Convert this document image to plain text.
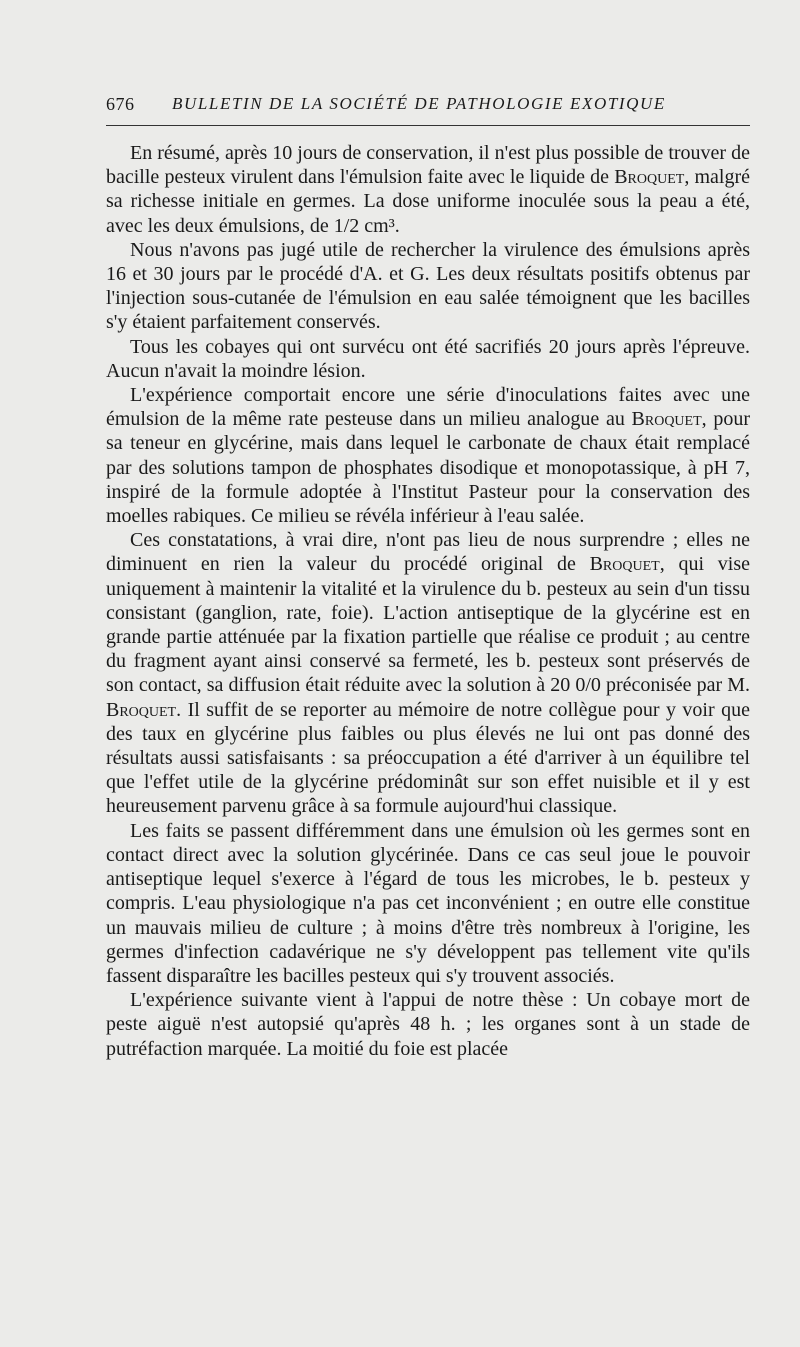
676 BULLETIN DE LA SOCIÉTÉ DE PATHOLOGIE EXOTIQUE

En résumé, après 10 jours de conservation, il n'est plus possible de trouver de bacille pesteux virulent dans l'émulsion faite avec le liquide de Broquet, malgré sa richesse initiale en germes. La dose uniforme inoculée sous la peau a été, avec les deux émulsions, de 1/2 cm³.

Nous n'avons pas jugé utile de rechercher la virulence des émulsions après 16 et 30 jours par le procédé d'A. et G. Les deux résultats positifs obtenus par l'injection sous-cutanée de l'émulsion en eau salée témoignent que les bacilles s'y étaient parfaitement conservés.

Tous les cobayes qui ont survécu ont été sacrifiés 20 jours après l'épreuve. Aucun n'avait la moindre lésion.

L'expérience comportait encore une série d'inoculations faites avec une émulsion de la même rate pesteuse dans un milieu analogue au Broquet, pour sa teneur en glycérine, mais dans lequel le carbonate de chaux était remplacé par des solutions tampon de phosphates disodique et monopotassique, à pH 7, inspiré de la formule adoptée à l'Institut Pasteur pour la conservation des moelles rabiques. Ce milieu se révéla inférieur à l'eau salée.

Ces constatations, à vrai dire, n'ont pas lieu de nous surprendre ; elles ne diminuent en rien la valeur du procédé original de Broquet, qui vise uniquement à maintenir la vitalité et la virulence du b. pesteux au sein d'un tissu consistant (ganglion, rate, foie). L'action antiseptique de la glycérine est en grande partie atténuée par la fixation partielle que réalise ce produit ; au centre du fragment ayant ainsi conservé sa fermeté, les b. pesteux sont préservés de son contact, sa diffusion était réduite avec la solution à 20 0/0 préconisée par M. Broquet. Il suffit de se reporter au mémoire de notre collègue pour y voir que des taux en glycérine plus faibles ou plus élevés ne lui ont pas donné des résultats aussi satisfaisants : sa préoccupation a été d'arriver à un équilibre tel que l'effet utile de la glycérine prédominât sur son effet nuisible et il y est heureusement parvenu grâce à sa formule aujourd'hui classique.

Les faits se passent différemment dans une émulsion où les germes sont en contact direct avec la solution glycérinée. Dans ce cas seul joue le pouvoir antiseptique lequel s'exerce à l'égard de tous les microbes, le b. pesteux y compris. L'eau physiologique n'a pas cet inconvénient ; en outre elle constitue un mauvais milieu de culture ; à moins d'être très nombreux à l'origine, les germes d'infection cadavérique ne s'y développent pas tellement vite qu'ils fassent disparaître les bacilles pesteux qui s'y trouvent associés.

L'expérience suivante vient à l'appui de notre thèse : Un cobaye mort de peste aiguë n'est autopsié qu'après 48 h. ; les organes sont à un stade de putréfaction marquée. La moitié du foie est placée
